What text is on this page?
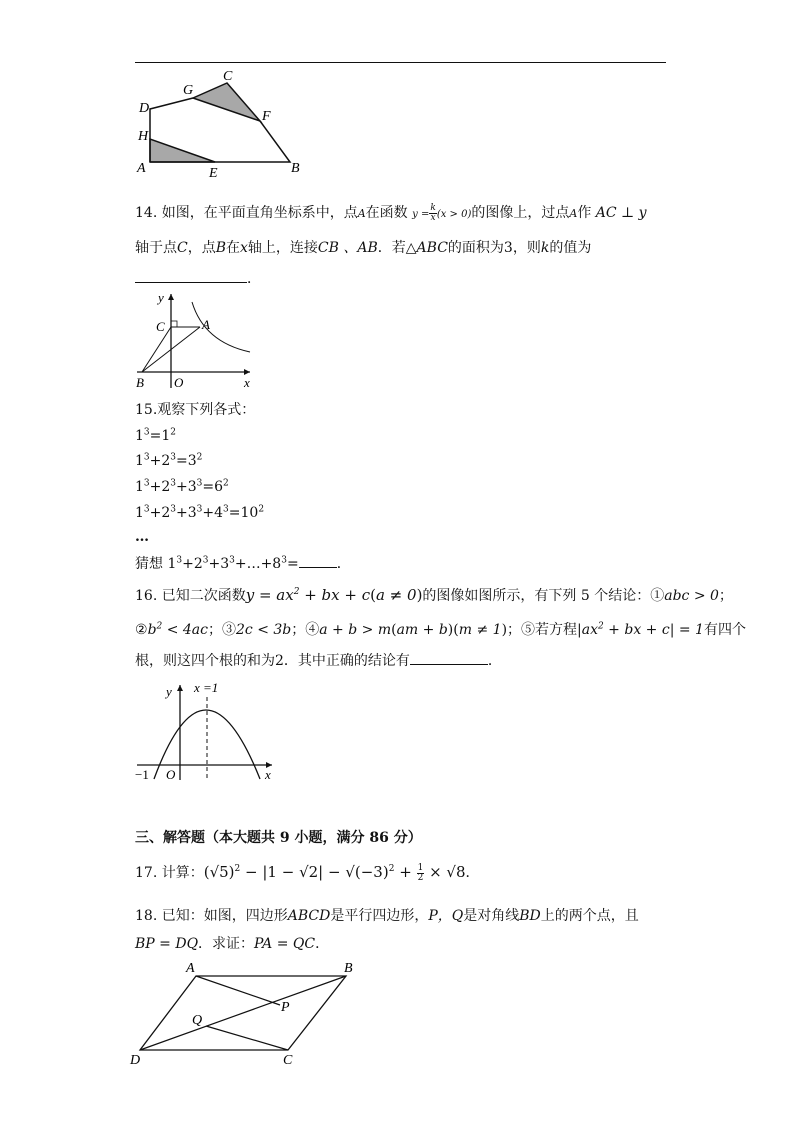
C
G
D
F
H
A	E	B
14. 如图，在平面直角坐标系中，点A在函数 $y = \frac{k}{x} (x > 0)$的图像上，过点A作 AC ⊥ y
轴于点C，点B在x轴上，连接CB 、AB．若△ABC的面积为3，则k的值为
．
y
C	A
B O	x
15.观察下列各式：
$1^3=1^2$
$1^3+2^3=3^2$
$1^3+2^3+3^3=6^2$
$1^3+2^3+3^3+4^3=10^2$
…
猜想 $1^3+2^3+3^3+\dots+8^3=$	．
16. 已知二次函数$y = ax^2$ + bx + c(a ≠ 0)的图像如图所示，有下列 5 个结论：①abc > 0；
$②b^2 < 4ac$；③2c < 3b；④a + b > m(am + b)(m ≠ 1)；⑤若方程$|ax^2$ + bx + c| = 1有四个
根，则这四个根的和为2．其中正确的结论有	．
x =1
y
−1 O	x
三、解答题（本大题共 9 小题，满分 86 分）
17. 计算：$(√5)^2 - |1 - √2| - √(-3)^2 + \frac{1}{2} \times √8$．
18. 已知：如图，四边形ABCD是平行四边形，P，Q是对角线BD上的两个点，且
BP = DQ．求证：PA = QC．
A	B
P
Q
D	C
